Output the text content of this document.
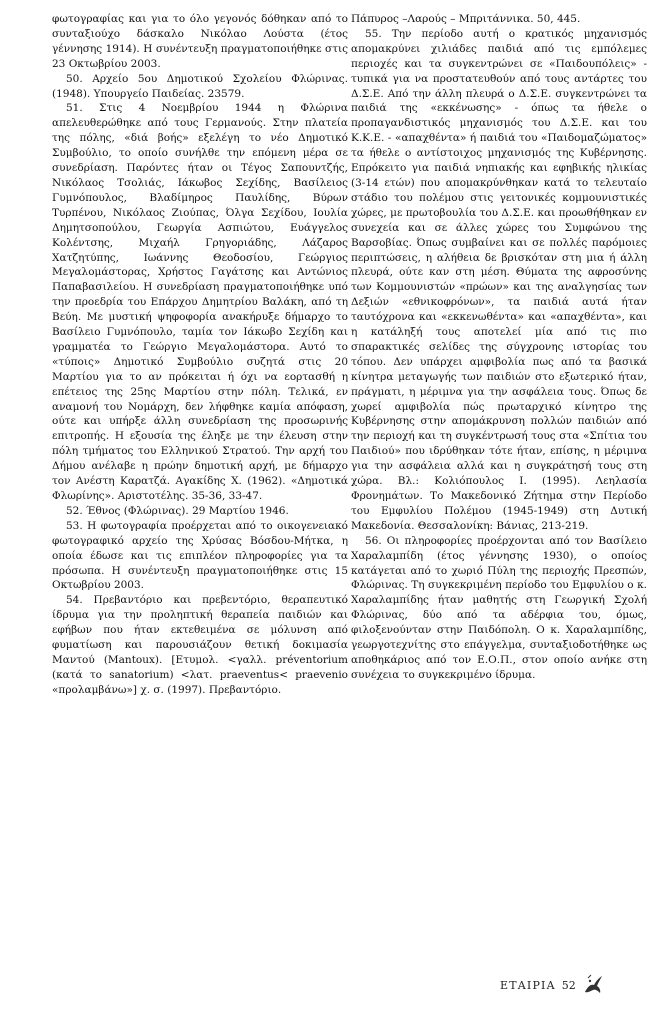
φωτογραφίας και για το όλο γεγονός δόθηκαν από το συνταξιούχο δάσκαλο Νικόλαο Λούστα (έτος γέννησης 1914). Η συνέντευξη πραγματοποιήθηκε στις 23 Οκτωβρίου 2003.

50. Αρχείο 5ου Δημοτικού Σχολείου Φλώρινας. (1948). Υπουργείο Παιδείας. 23579.

51. Στις 4 Νοεμβρίου 1944 η Φλώρινα απελευθερώθηκε από τους Γερμανούς. Στην πλατεία της πόλης, «διά βοής» εξελέγη το νέο Δημοτικό Συμβούλιο, το οποίο συνήλθε την επόμενη μέρα σε συνεδρίαση. Παρόντες ήταν οι Τέγος Σαπουντζής, Νικόλαος Τσολιάς, Ιάκωβος Σεχίδης, Βασίλειος Γυμνόπουλος, Βλαδίμηρος Παυλίδης, Βύρων Τυρπένου, Νικόλαος Ζιούπας, Όλγα Σεχίδου, Ιουλία Δημητσοπούλου, Γεωργία Ασπιώτου, Ευάγγελος Κολέντσης, Μιχαήλ Γρηγοριάδης, Λάζαρος Χατζητύπης, Ιωάννης Θεοδοσίου, Γεώργιος Μεγαλομάστορας, Χρήστος Γαγάτσης και Αντώνιος Παπαβασιλείου. Η συνεδρίαση πραγματοποιήθηκε υπό την προεδρία του Επάρχου Δημητρίου Βαλάκη, από τη Βεύη. Με μυστική ψηφοφορία ανακήρυξε δήμαρχο το Βασίλειο Γυμνόπουλο, ταμία τον Ιάκωβο Σεχίδη και γραμματέα το Γεώργιο Μεγαλομάστορα. Αυτό το «τύποις» Δημοτικό Συμβούλιο συζητά στις 20 Μαρτίου για το αν πρόκειται ή όχι να εορτασθή η επέτειος της 25ης Μαρτίου στην πόλη. Τελικά, εν αναμονή του Νομάρχη, δεν λήφθηκε καμία απόφαση, ούτε και υπήρξε άλλη συνεδρίαση της προσωρινής επιτροπής. Η εξουσία της έληξε με την έλευση στην πόλη τμήματος του Ελληνικού Στρατού. Την αρχή του Δήμου ανέλαβε η πρώην δημοτική αρχή, με δήμαρχο τον Ανέστη Καρατζά. Αγακίδης Χ. (1962). «Δημοτικά Φλωρίνης». Αριστοτέλης. 35-36, 33-47.

52. Έθνος (Φλώρινας). 29 Μαρτίου 1946.

53. Η φωτογραφία προέρχεται από το οικογενειακό φωτογραφικό αρχείο της Χρύσας Βόσδου-Μήτκα, η οποία έδωσε και τις επιπλέον πληροφορίες για τα πρόσωπα. Η συνέντευξη πραγματοποιήθηκε στις 15 Οκτωβρίου 2003.

54. Πρεβαντόριο και πρεβεντόριο, θεραπευτικό ίδρυμα για την προληπτική θεραπεία παιδιών και εφήβων που ήταν εκτεθειμένα σε μόλυνση από φυματίωση και παρουσιάζουν θετική δοκιμασία Μαντού (Mantoux). [Ετυμολ. <γαλλ. préventorium (κατά το sanatorium) <λατ. praeventus< praevenio «προλαμβάνω»] χ. σ. (1997). Πρεβαντόριο.

Πάπυρος –Λαρούς – Μπριτάννικα. 50, 445.

55. Την περίοδο αυτή ο κρατικός μηχανισμός απομακρύνει χιλιάδες παιδιά από τις εμπόλεμες περιοχές και τα συγκεντρώνει σε «Παιδουπόλεις» - τυπικά για να προστατευθούν από τους αντάρτες του Δ.Σ.Ε. Από την άλλη πλευρά ο Δ.Σ.Ε. συγκεντρώνει τα παιδιά της «εκκένωσης» - όπως τα ήθελε ο προπαγανδιστικός μηχανισμός του Δ.Σ.Ε. και του Κ.Κ.Ε. - «απαχθέντα» ή παιδιά του «Παιδομαζώματος» τα ήθελε ο αντίστοιχος μηχανισμός της Κυβέρνησης. Επρόκειτο για παιδιά νηπιακής και εφηβικής ηλικίας (3-14 ετών) που απομακρύνθηκαν κατά το τελευταίο στάδιο του πολέμου στις γειτονικές κομμουνιστικές χώρες, με πρωτοβουλία του Δ.Σ.Ε. και προωθήθηκαν εν συνεχεία και σε άλλες χώρες του Συμφώνου της Βαρσοβίας. Όπως συμβαίνει και σε πολλές παρόμοιες περιπτώσεις, η αλήθεια δε βρισκόταν στη μια ή άλλη πλευρά, ούτε καν στη μέση. Θύματα της αφροσύνης των Κομμουνιστών «πρώων» και της αναλγησίας των Δεξιών «εθνικοφρόνων», τα παιδιά αυτά ήταν ταυτόχρονα και «εκκενωθέντα» και «απαχθέντα», και η κατάληξή τους αποτελεί μία από τις πιο σπαρακτικές σελίδες της σύγχρονης ιστορίας του τόπου. Δεν υπάρχει αμφιβολία πως από τα βασικά κίνητρα μεταγωγής των παιδιών στο εξωτερικό ήταν, πράγματι, η μέριμνα για την ασφάλεια τους. Όπως δε χωρεί αμφιβολία πώς πρωταρχικό κίνητρο της Κυβέρνησης στην απομάκρυνση πολλών παιδιών από την περιοχή και τη συγκέντρωσή τους στα «Σπίτια του Παιδιού» που ιδρύθηκαν τότε ήταν, επίσης, η μέριμνα για την ασφάλεια αλλά και η συγκράτησή τους στη χώρα. Βλ.: Κολιόπουλος Ι. (1995). Λεηλασία Φρονημάτων. Το Μακεδονικό Ζήτημα στην Περίοδο του Εμφυλίου Πολέμου (1945-1949) στη Δυτική Μακεδονία. Θεσσαλονίκη: Βάνιας, 213-219.

56. Οι πληροφορίες προέρχονται από τον Βασίλειο Χαραλαμπίδη (έτος γέννησης 1930), ο οποίος κατάγεται από το χωριό Πύλη της περιοχής Πρεσπών, Φλώρινας. Τη συγκεκριμένη περίοδο του Εμφυλίου ο κ. Χαραλαμπίδης ήταν μαθητής στη Γεωργική Σχολή Φλώρινας, δύο από τα αδέρφια του, όμως, φιλοξενούνταν στην Παιδόπολη. Ο κ. Χαραλαμπίδης, γεωργοτεχνίτης στο επάγγελμα, συνταξιοδοτήθηκε ως αποθηκάριος από τον Ε.Ο.Π., στον οποίο ανήκε στη συνέχεια το συγκεκριμένο ίδρυμα.

ΕΤΑΙΡΙΑ 52
